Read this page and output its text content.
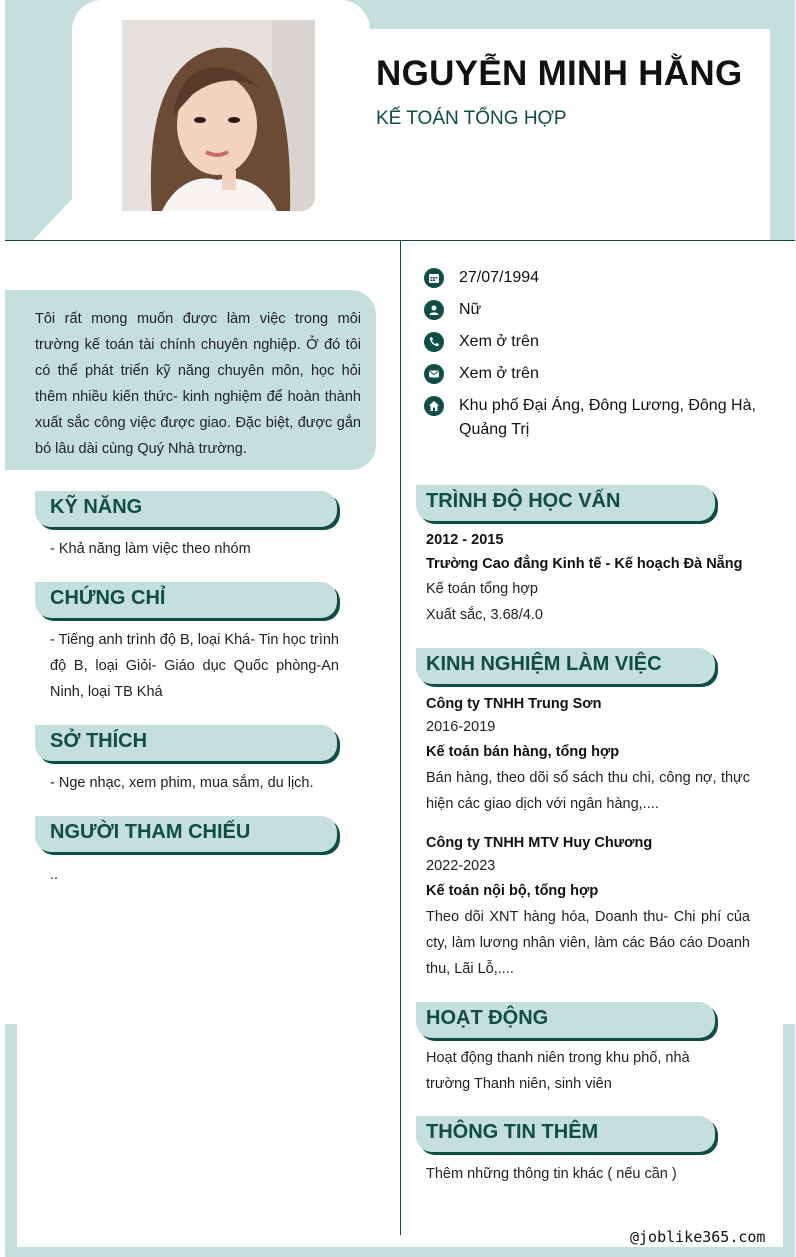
NGUYỄN MINH HẰNG
KẾ TOÁN TỔNG HỢP
27/07/1994
Nữ
Xem ở trên
Xem ở trên
Khu phố Đại Áng, Đông Lương, Đông Hà, Quảng Trị
Tôi rất mong muốn được làm việc trong môi trường kế toán tài chính chuyên nghiệp. Ở đó tôi có thể phát triển kỹ năng chuyên môn, học hỏi thêm nhiều kiến thức- kinh nghiệm để hoàn thành xuất sắc công việc được giao. Đặc biệt, được gắn bó lâu dài cùng Quý Nhà trường.
KỸ NĂNG
- Khả năng làm việc theo nhóm
CHỨNG CHỈ
- Tiếng anh trình độ B, loại Khá- Tin học trình độ B, loại Giỏi- Giáo dục Quốc phòng-An Ninh, loại TB Khá
SỞ THÍCH
- Nge nhạc, xem phim, mua sắm, du lịch.
NGƯỜI THAM CHIẾU
..
TRÌNH ĐỘ HỌC VẤN
2012 - 2015
Trường Cao đẳng Kinh tế - Kế hoạch Đà Nẵng
Kế toán tổng hợp
Xuất sắc, 3.68/4.0
KINH NGHIỆM LÀM VIỆC
Công ty TNHH Trung Sơn
2016-2019
Kế toán bán hàng, tổng hợp
Bán hàng, theo dõi sổ sách thu chi, công nợ, thực hiện các giao dịch với ngân hàng,....
Công ty TNHH MTV Huy Chương
2022-2023
Kế toán nội bộ, tổng hợp
Theo dõi XNT hàng hóa, Doanh thu- Chi phí của cty, làm lương nhân viên, làm các Báo cáo Doanh thu, Lãi Lỗ,....
HOẠT ĐỘNG
Hoạt động thanh niên trong khu phố, nhà trường Thanh niên, sinh viên
THÔNG TIN THÊM
Thêm những thông tin khác ( nếu cần )
@joblike365.com
